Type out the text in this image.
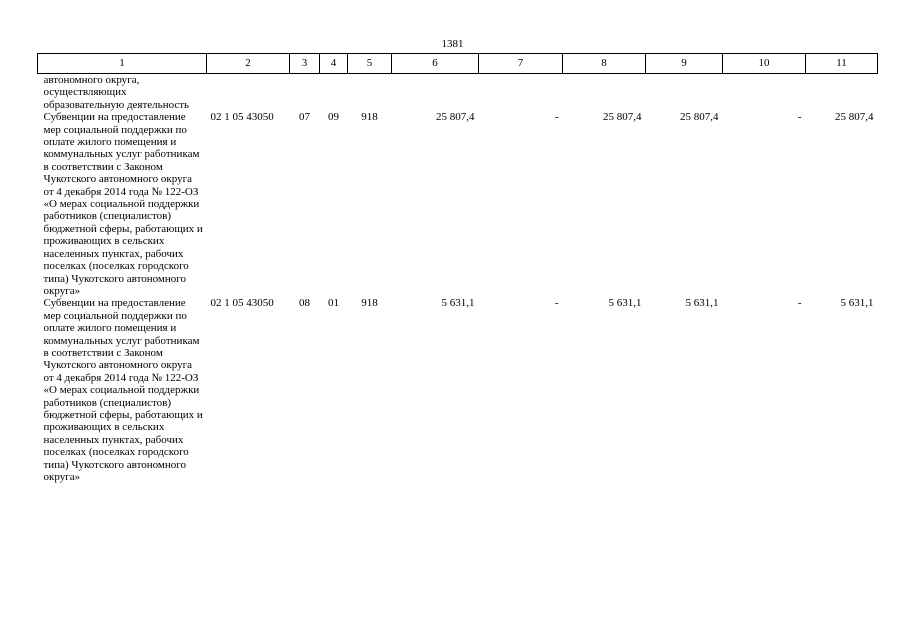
1381
1	2	3	4	5	6	7	8	9	10	11
автономного округа, осуществляющих образовательную деятельность										
Субвенции на предоставление мер социальной поддержки по оплате жилого помещения и коммунальных услуг работникам в соответствии с Законом Чукотского автономного округа от 4 декабря 2014 года № 122-ОЗ «О мерах социальной поддержки работников (специалистов) бюджетной сферы, работающих и проживающих в сельских населенных пунктах, рабочих поселках (поселках городского типа) Чукотского автономного округа»	02 1 05 43050	07	09	918	25 807,4	-	25 807,4	25 807,4	-	25 807,4
Субвенции на предоставление мер социальной поддержки по оплате жилого помещения и коммунальных услуг работникам в соответствии с Законом Чукотского автономного округа от 4 декабря 2014 года № 122-ОЗ «О мерах социальной поддержки работников (специалистов) бюджетной сферы, работающих и проживающих в сельских населенных пунктах, рабочих поселках (поселках городского типа) Чукотского автономного округа»	02 1 05 43050	08	01	918	5 631,1	-	5 631,1	5 631,1	-	5 631,1
